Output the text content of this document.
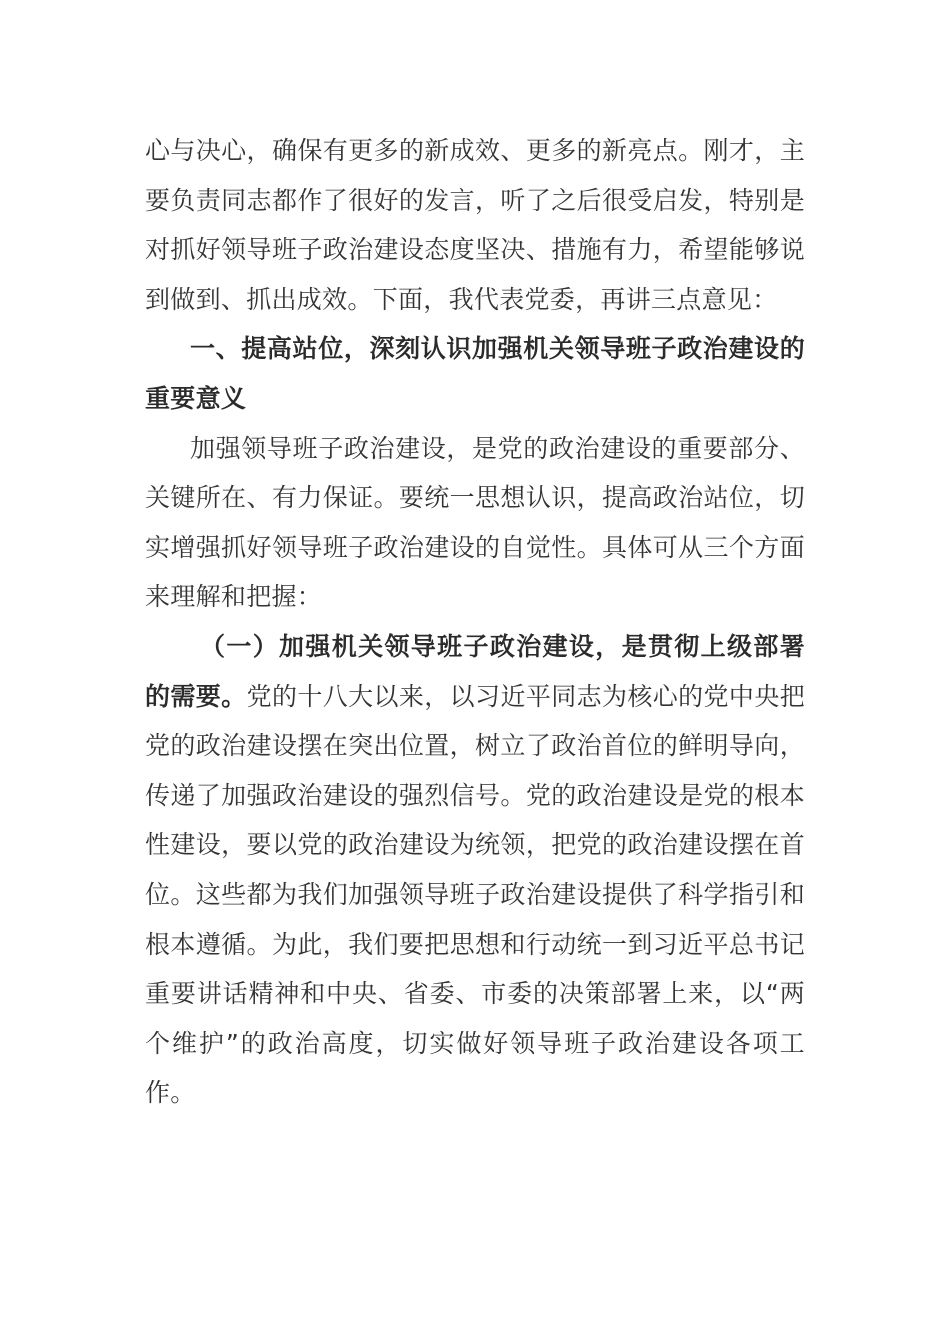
心与决心，确保有更多的新成效、更多的新亮点。刚才，主要负责同志都作了很好的发言，听了之后很受启发，特别是对抓好领导班子政治建设态度坚决、措施有力，希望能够说到做到、抓出成效。下面，我代表党委，再讲三点意见：

一、提高站位，深刻认识加强机关领导班子政治建设的重要意义

加强领导班子政治建设，是党的政治建设的重要部分、关键所在、有力保证。要统一思想认识，提高政治站位，切实增强抓好领导班子政治建设的自觉性。具体可从三个方面来理解和把握：

（一）加强机关领导班子政治建设，是贯彻上级部署的需要。党的十八大以来，以习近平同志为核心的党中央把党的政治建设摆在突出位置，树立了政治首位的鲜明导向，传递了加强政治建设的强烈信号。党的政治建设是党的根本性建设，要以党的政治建设为统领，把党的政治建设摆在首位。这些都为我们加强领导班子政治建设提供了科学指引和根本遵循。为此，我们要把思想和行动统一到习近平总书记重要讲话精神和中央、省委、市委的决策部署上来，以“两个维护”的政治高度，切实做好领导班子政治建设各项工作。
